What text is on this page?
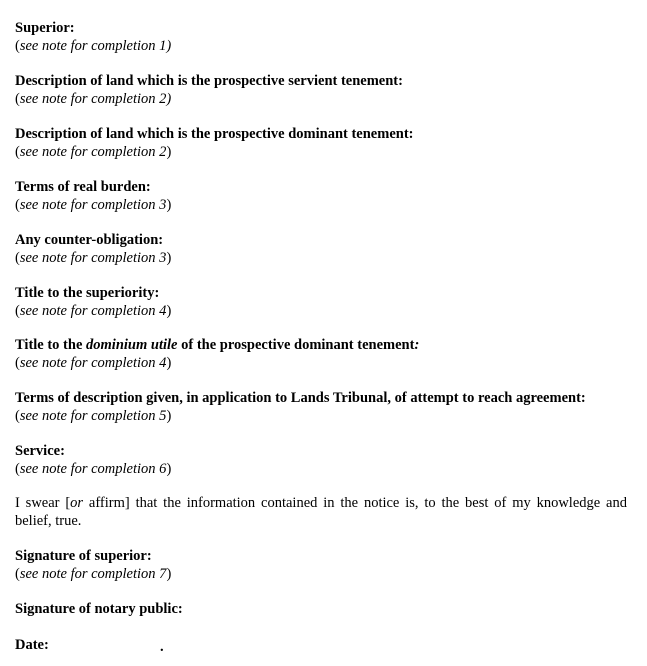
Superior:
(see note for completion 1)
Description of land which is the prospective servient tenement:
(see note for completion 2)
Description of land which is the prospective dominant tenement:
(see note for completion 2)
Terms of real burden:
(see note for completion 3)
Any counter-obligation:
(see note for completion 3)
Title to the superiority:
(see note for completion 4)
Title to the dominium utile of the prospective dominant tenement:
(see note for completion 4)
Terms of description given, in application to Lands Tribunal, of attempt to reach agreement:
(see note for completion 5)
Service:
(see note for completion 6)
I swear [or affirm] that the information contained in the notice is, to the best of my knowledge and belief, true.
Signature of superior:
(see note for completion 7)
Signature of notary public:
Date:	.
